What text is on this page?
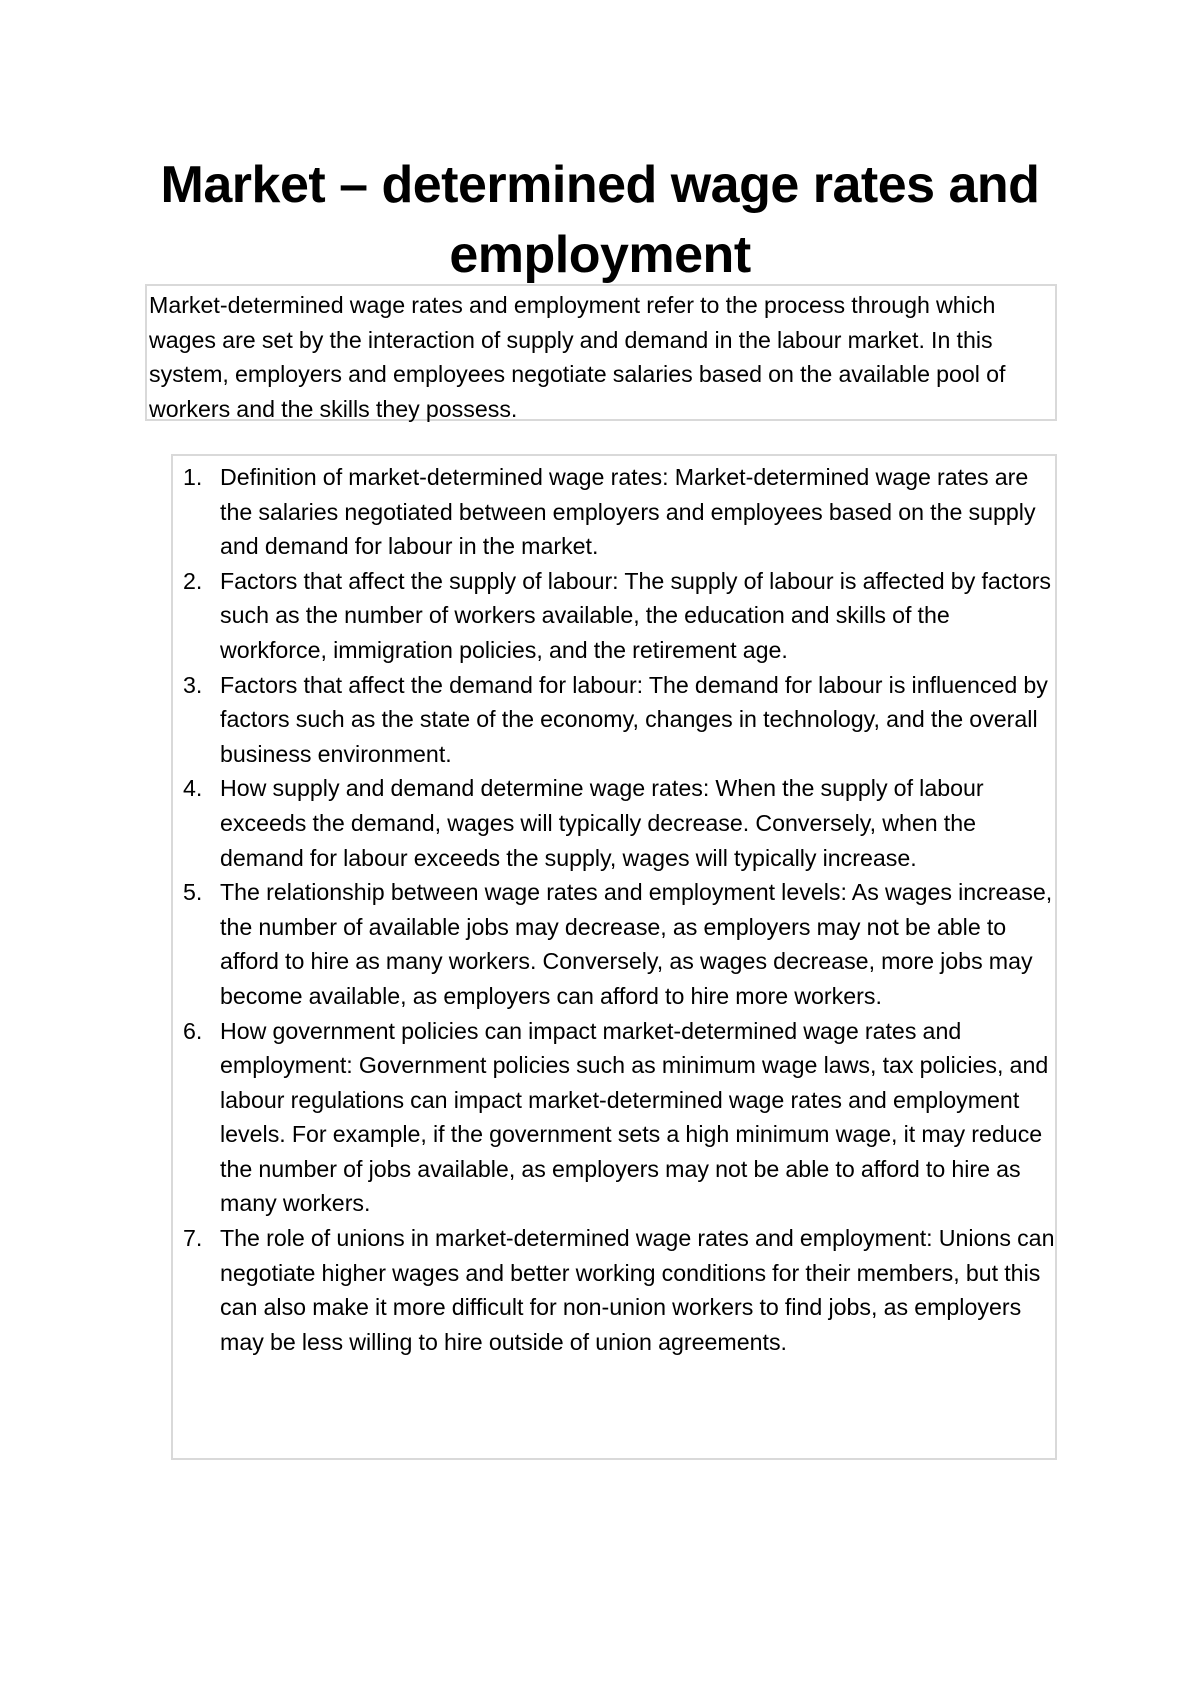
Market – determined wage rates and employment
Market-determined wage rates and employment refer to the process through which wages are set by the interaction of supply and demand in the labour market. In this system, employers and employees negotiate salaries based on the available pool of workers and the skills they possess.
1. Definition of market-determined wage rates: Market-determined wage rates are the salaries negotiated between employers and employees based on the supply and demand for labour in the market.
2. Factors that affect the supply of labour: The supply of labour is affected by factors such as the number of workers available, the education and skills of the workforce, immigration policies, and the retirement age.
3. Factors that affect the demand for labour: The demand for labour is influenced by factors such as the state of the economy, changes in technology, and the overall business environment.
4. How supply and demand determine wage rates: When the supply of labour exceeds the demand, wages will typically decrease. Conversely, when the demand for labour exceeds the supply, wages will typically increase.
5. The relationship between wage rates and employment levels: As wages increase, the number of available jobs may decrease, as employers may not be able to afford to hire as many workers. Conversely, as wages decrease, more jobs may become available, as employers can afford to hire more workers.
6. How government policies can impact market-determined wage rates and employment: Government policies such as minimum wage laws, tax policies, and labour regulations can impact market-determined wage rates and employment levels. For example, if the government sets a high minimum wage, it may reduce the number of jobs available, as employers may not be able to afford to hire as many workers.
7. The role of unions in market-determined wage rates and employment: Unions can negotiate higher wages and better working conditions for their members, but this can also make it more difficult for non-union workers to find jobs, as employers may be less willing to hire outside of union agreements.
